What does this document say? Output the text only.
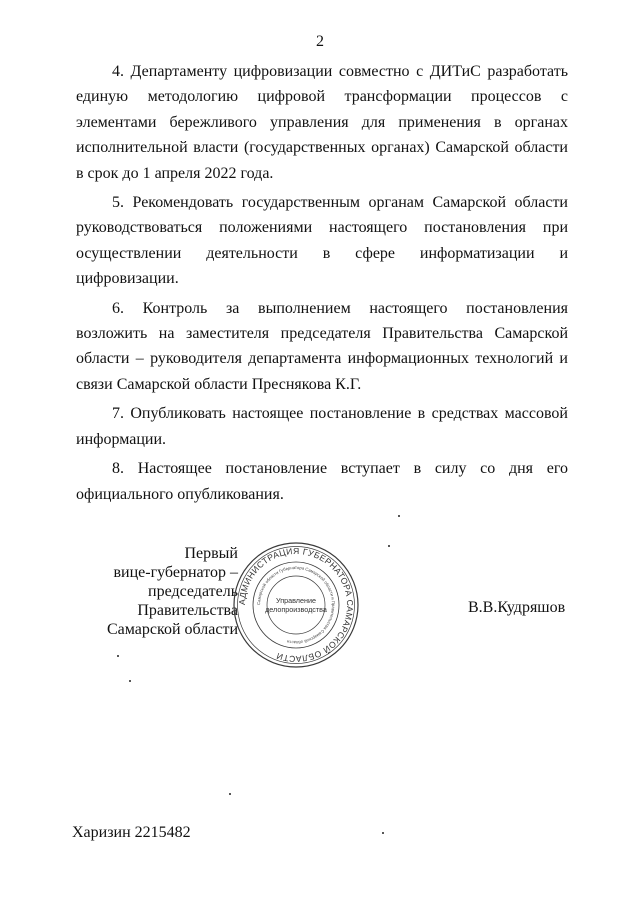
2

4. Департаменту цифровизации совместно с ДИТиС разработать единую методологию цифровой трансформации процессов с элементами бережливого управления для применения в органах исполнительной власти (государственных органах) Самарской области в срок до 1 апреля 2022 года.

5. Рекомендовать государственным органам Самарской области руководствоваться положениями настоящего постановления при осуществлении деятельности в сфере информатизации и цифровизации.

6. Контроль за выполнением настоящего постановления возложить на заместителя председателя Правительства Самарской области – руководителя департамента информационных технологий и связи Самарской области Преснякова К.Г.

7. Опубликовать настоящее постановление в средствах массовой информации.

8. Настоящее постановление вступает в силу со дня его официального опубликования.

Первый
вице-губернатор –
председатель Правительства
Самарской области
АДМИНИСТРАЦИЯ ГУБЕРНАТОРА САМАРСКОЙ ОБЛАСТИ
Самарской области Губернатора Самарской области и Правительства Самарской области
Управление
делопроизводства	В.В.Кудряшов
Харизин 2215482
